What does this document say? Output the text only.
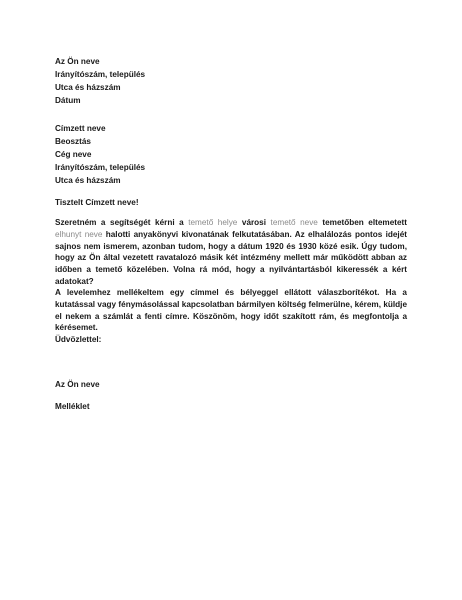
Az Ön neve
Irányítószám, település
Utca és házszám
Dátum
Címzett neve
Beosztás
Cég neve
Irányítószám, település
Utca és házszám
Tisztelt Címzett neve!
Szeretném a segítségét kérni a temető helye városi temető neve temetőben eltemetett elhunyt neve halotti anyakönyvi kivonatának felkutatásában. Az elhalálozás pontos idejét sajnos nem ismerem, azonban tudom, hogy a dátum 1920 és 1930 közé esik. Úgy tudom, hogy az Ön által vezetett ravatalozó másik két intézmény mellett már működött abban az időben a temető közelében. Volna rá mód, hogy a nyilvántartásból kikeressék a kért adatokat?
A levelemhez mellékeltem egy címmel és bélyeggel ellátott válaszborítékot. Ha a kutatással vagy fénymásolással kapcsolatban bármilyen költség felmerülne, kérem, küldje el nekem a számlát a fenti címre. Köszönöm, hogy időt szakított rám, és megfontolja a kérésemet.
Üdvözlettel:
Az Ön neve
Melléklet
